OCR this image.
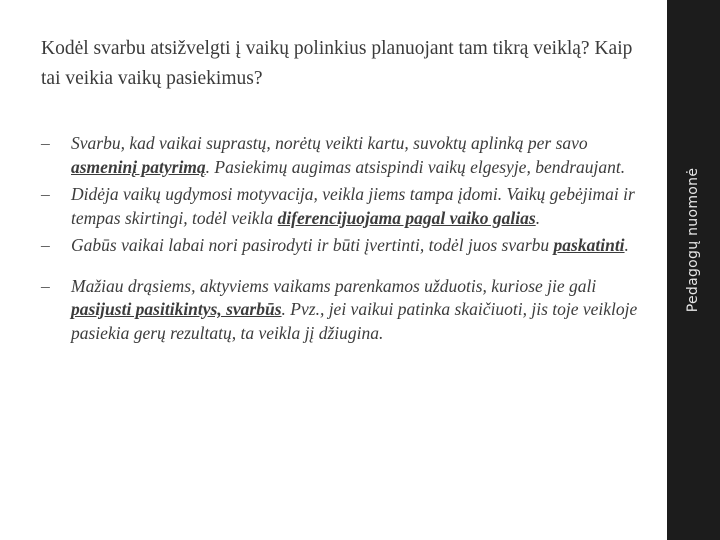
Kodėl svarbu atsižvelgti į vaikų polinkius planuojant tam tikrą veiklą? Kaip tai veikia vaikų pasiekimus?
– Svarbu, kad vaikai suprastų, norėtų veikti kartu, suvoktų aplinką per savo asmeninį patyrimą. Pasiekimų augimas atsispindi vaikų elgesyje, bendraujant.
– Didėja vaikų ugdymosi motyvacija, veikla jiems tampa įdomi. Vaikų gebėjimai ir tempas skirtingi, todėl veikla diferencijuojama pagal vaiko galias.
– Gabūs vaikai labai nori pasirodyti ir būti įvertinti, todėl juos svarbu paskatinti.
– Mažiau drąsiems, aktyviems vaikams parenkamos užduotis, kuriose jie gali pasijusti pasitikintys, svarbūs. Pvz., jei vaikui patinka skaičiuoti, jis toje veikloje pasiekia gerų rezultatų, ta veikla jį džiugina.
Pedagogų nuomonė
